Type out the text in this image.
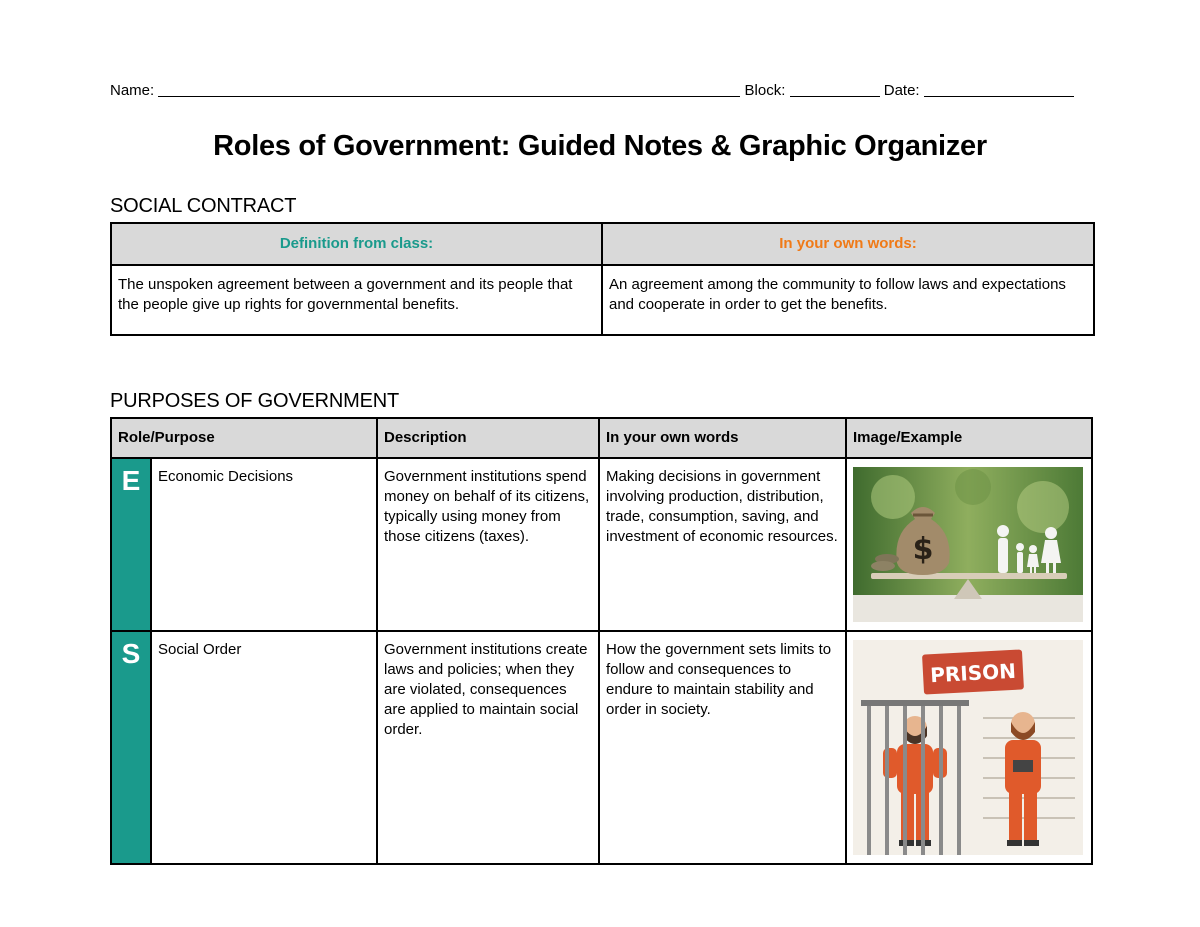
Name:	Block:	Date:
Roles of Government: Guided Notes & Graphic Organizer
SOCIAL CONTRACT
Definition from class:	In your own words:
The unspoken agreement between a government and its people that the people give up rights for governmental benefits.	An agreement among the community to follow laws and expectations and cooperate in order to get the benefits.
PURPOSES OF GOVERNMENT
Role/Purpose		Description	In your own words	Image/Example
E	Economic Decisions	Government institutions spend money on behalf of its citizens, typically using money from those citizens (taxes).	Making decisions in government involving production, distribution, trade, consumption, saving, and investment of economic resources.	$

S	Social Order	Government institutions create laws and policies; when they are violated, consequences are applied to maintain social order.	How the government sets limits to follow and consequences to endure to maintain stability and order in society.	PRISON
